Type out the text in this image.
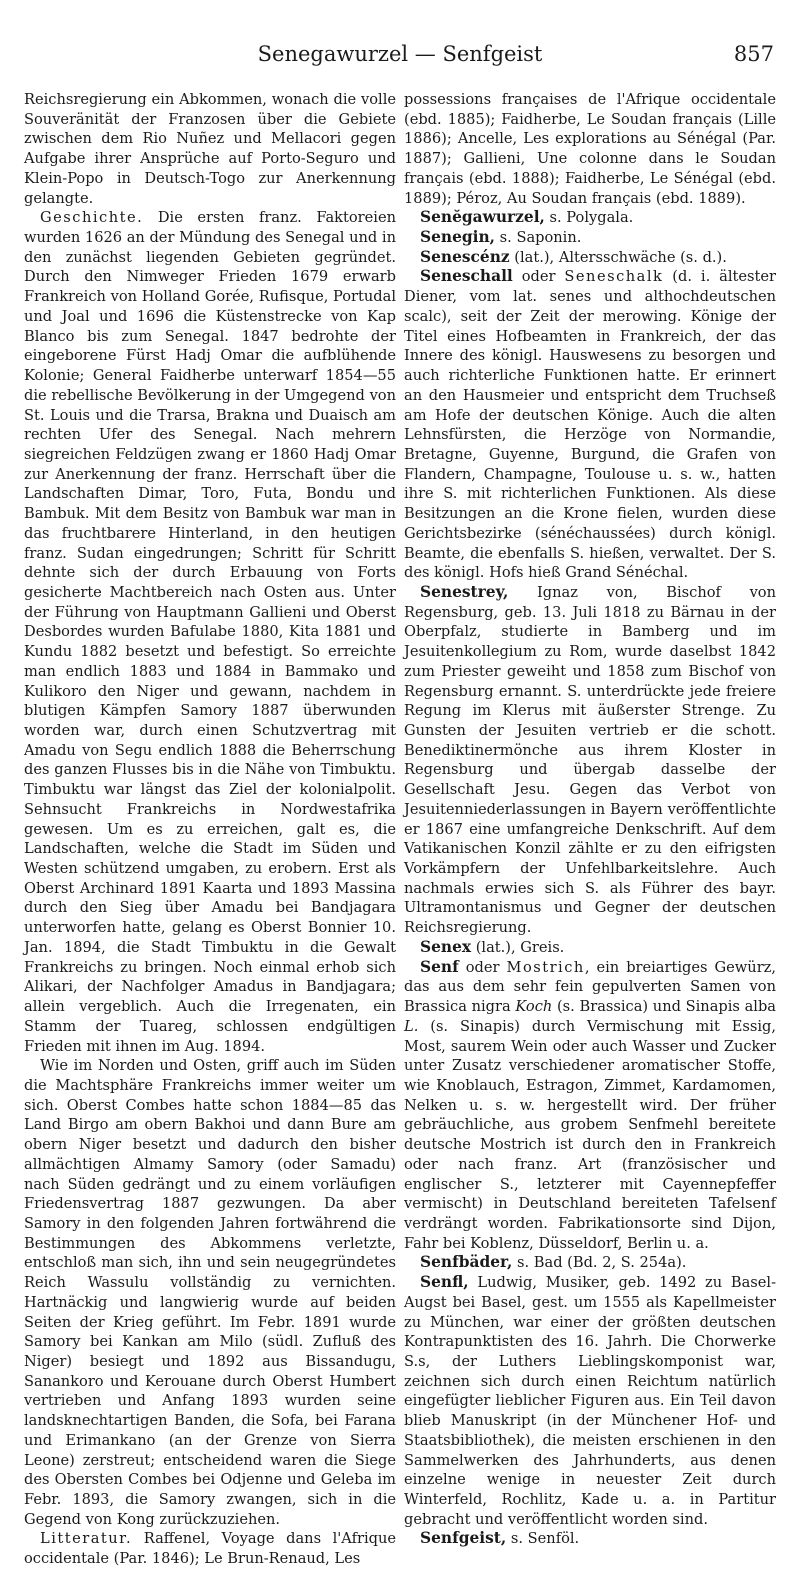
Senegawurzel — Senfgeist	857

Reichsregierung ein Abkommen, wonach die volle Souveränität der Franzosen über die Gebiete zwischen dem Rio Nuñez und Mellacori gegen Aufgabe ihrer Ansprüche auf Porto-Seguro und Klein-Popo in Deutsch-Togo zur Anerkennung gelangte.

Geschichte. Die ersten franz. Faktoreien wurden 1626 an der Mündung des Senegal und in den zunächst liegenden Gebieten gegründet. Durch den Nimweger Frieden 1679 erwarb Frankreich von Holland Gorée, Rufisque, Portudal und Joal und 1696 die Küstenstrecke von Kap Blanco bis zum Senegal. 1847 bedrohte der eingeborene Fürst Hadj Omar die aufblühende Kolonie; General Faidherbe unterwarf 1854—55 die rebellische Bevölkerung in der Umgegend von St. Louis und die Trarsa, Brakna und Duaisch am rechten Ufer des Senegal. Nach mehrern siegreichen Feldzügen zwang er 1860 Hadj Omar zur Anerkennung der franz. Herrschaft über die Landschaften Dimar, Toro, Futa, Bondu und Bambuk. Mit dem Besitz von Bambuk war man in das fruchtbarere Hinterland, in den heutigen franz. Sudan eingedrungen; Schritt für Schritt dehnte sich der durch Erbauung von Forts gesicherte Machtbereich nach Osten aus. Unter der Führung von Hauptmann Gallieni und Oberst Desbordes wurden Bafulabe 1880, Kita 1881 und Kundu 1882 besetzt und befestigt. So erreichte man endlich 1883 und 1884 in Bammako und Kulikoro den Niger und gewann, nachdem in blutigen Kämpfen Samory 1887 überwunden worden war, durch einen Schutzvertrag mit Amadu von Segu endlich 1888 die Beherrschung des ganzen Flusses bis in die Nähe von Timbuktu. Timbuktu war längst das Ziel der kolonialpolit. Sehnsucht Frankreichs in Nordwestafrika gewesen. Um es zu erreichen, galt es, die Landschaften, welche die Stadt im Süden und Westen schützend umgaben, zu erobern. Erst als Oberst Archinard 1891 Kaarta und 1893 Massina durch den Sieg über Amadu bei Bandjagara unterworfen hatte, gelang es Oberst Bonnier 10. Jan. 1894, die Stadt Timbuktu in die Gewalt Frankreichs zu bringen. Noch einmal erhob sich Alikari, der Nachfolger Amadus in Bandjagara; allein vergeblich. Auch die Irregenaten, ein Stamm der Tuareg, schlossen endgültigen Frieden mit ihnen im Aug. 1894.

Wie im Norden und Osten, griff auch im Süden die Machtsphäre Frankreichs immer weiter um sich. Oberst Combes hatte schon 1884—85 das Land Birgo am obern Bakhoi und dann Bure am obern Niger besetzt und dadurch den bisher allmächtigen Almamy Samory (oder Samadu) nach Süden gedrängt und zu einem vorläufigen Friedensvertrag 1887 gezwungen. Da aber Samory in den folgenden Jahren fortwährend die Bestimmungen des Abkommens verletzte, entschloß man sich, ihn und sein neugegründetes Reich Wassulu vollständig zu vernichten. Hartnäckig und langwierig wurde auf beiden Seiten der Krieg geführt. Im Febr. 1891 wurde Samory bei Kankan am Milo (südl. Zufluß des Niger) besiegt und 1892 aus Bissandugu, Sanankoro und Kerouane durch Oberst Humbert vertrieben und Anfang 1893 wurden seine landsknechtartigen Banden, die Sofa, bei Farana und Erimankano (an der Grenze von Sierra Leone) zerstreut; entscheidend waren die Siege des Obersten Combes bei Odjenne und Geleba im Febr. 1893, die Samory zwangen, sich in die Gegend von Kong zurückzuziehen.

Litteratur. Raffenel, Voyage dans l'Afrique occidentale (Par. 1846); Le Brun-Renaud, Les

possessions françaises de l'Afrique occidentale (ebd. 1885); Faidherbe, Le Soudan français (Lille 1886); Ancelle, Les explorations au Sénégal (Par. 1887); Gallieni, Une colonne dans le Soudan français (ebd. 1888); Faidherbe, Le Sénégal (ebd. 1889); Péroz, Au Soudan français (ebd. 1889).

Senĕgawurzel, s. Polygala.

Senegin, s. Saponin.

Senescénz (lat.), Altersschwäche (s. d.).

Seneschall oder Seneschalk (d. i. ältester Diener, vom lat. senes und althochdeutschen scalc), seit der Zeit der merowing. Könige der Titel eines Hofbeamten in Frankreich, der das Innere des königl. Hauswesens zu besorgen und auch richterliche Funktionen hatte. Er erinnert an den Hausmeier und entspricht dem Truchseß am Hofe der deutschen Könige. Auch die alten Lehnsfürsten, die Herzöge von Normandie, Bretagne, Guyenne, Burgund, die Grafen von Flandern, Champagne, Toulouse u. s. w., hatten ihre S. mit richterlichen Funktionen. Als diese Besitzungen an die Krone fielen, wurden diese Gerichtsbezirke (sénéchaussées) durch königl. Beamte, die ebenfalls S. hießen, verwaltet. Der S. des königl. Hofs hieß Grand Sénéchal.

Senestrey, Ignaz von, Bischof von Regensburg, geb. 13. Juli 1818 zu Bärnau in der Oberpfalz, studierte in Bamberg und im Jesuitenkollegium zu Rom, wurde daselbst 1842 zum Priester geweiht und 1858 zum Bischof von Regensburg ernannt. S. unterdrückte jede freiere Regung im Klerus mit äußerster Strenge. Zu Gunsten der Jesuiten vertrieb er die schott. Benediktinermönche aus ihrem Kloster in Regensburg und übergab dasselbe der Gesellschaft Jesu. Gegen das Verbot von Jesuitenniederlassungen in Bayern veröffentlichte er 1867 eine umfangreiche Denkschrift. Auf dem Vatikanischen Konzil zählte er zu den eifrigsten Vorkämpfern der Unfehlbarkeitslehre. Auch nachmals erwies sich S. als Führer des bayr. Ultramontanismus und Gegner der deutschen Reichsregierung.

Senex (lat.), Greis.

Senf oder Mostrich, ein breiartiges Gewürz, das aus dem sehr fein gepulverten Samen von Brassica nigra Koch (s. Brassica) und Sinapis alba L. (s. Sinapis) durch Vermischung mit Essig, Most, saurem Wein oder auch Wasser und Zucker unter Zusatz verschiedener aromatischer Stoffe, wie Knoblauch, Estragon, Zimmet, Kardamomen, Nelken u. s. w. hergestellt wird. Der früher gebräuchliche, aus grobem Senfmehl bereitete deutsche Mostrich ist durch den in Frankreich oder nach franz. Art (französischer und englischer S., letzterer mit Cayennepfeffer vermischt) in Deutschland bereiteten Tafelsenf verdrängt worden. Fabrikationsorte sind Dijon, Fahr bei Koblenz, Düsseldorf, Berlin u. a.

Senfbäder, s. Bad (Bd. 2, S. 254a).

Senfl, Ludwig, Musiker, geb. 1492 zu Basel-Augst bei Basel, gest. um 1555 als Kapellmeister zu München, war einer der größten deutschen Kontrapunktisten des 16. Jahrh. Die Chorwerke S.s, der Luthers Lieblingskomponist war, zeichnen sich durch einen Reichtum natürlich eingefügter lieblicher Figuren aus. Ein Teil davon blieb Manuskript (in der Münchener Hof- und Staatsbibliothek), die meisten erschienen in den Sammelwerken des Jahrhunderts, aus denen einzelne wenige in neuester Zeit durch Winterfeld, Rochlitz, Kade u. a. in Partitur gebracht und veröffentlicht worden sind.

Senfgeist, s. Senföl.
